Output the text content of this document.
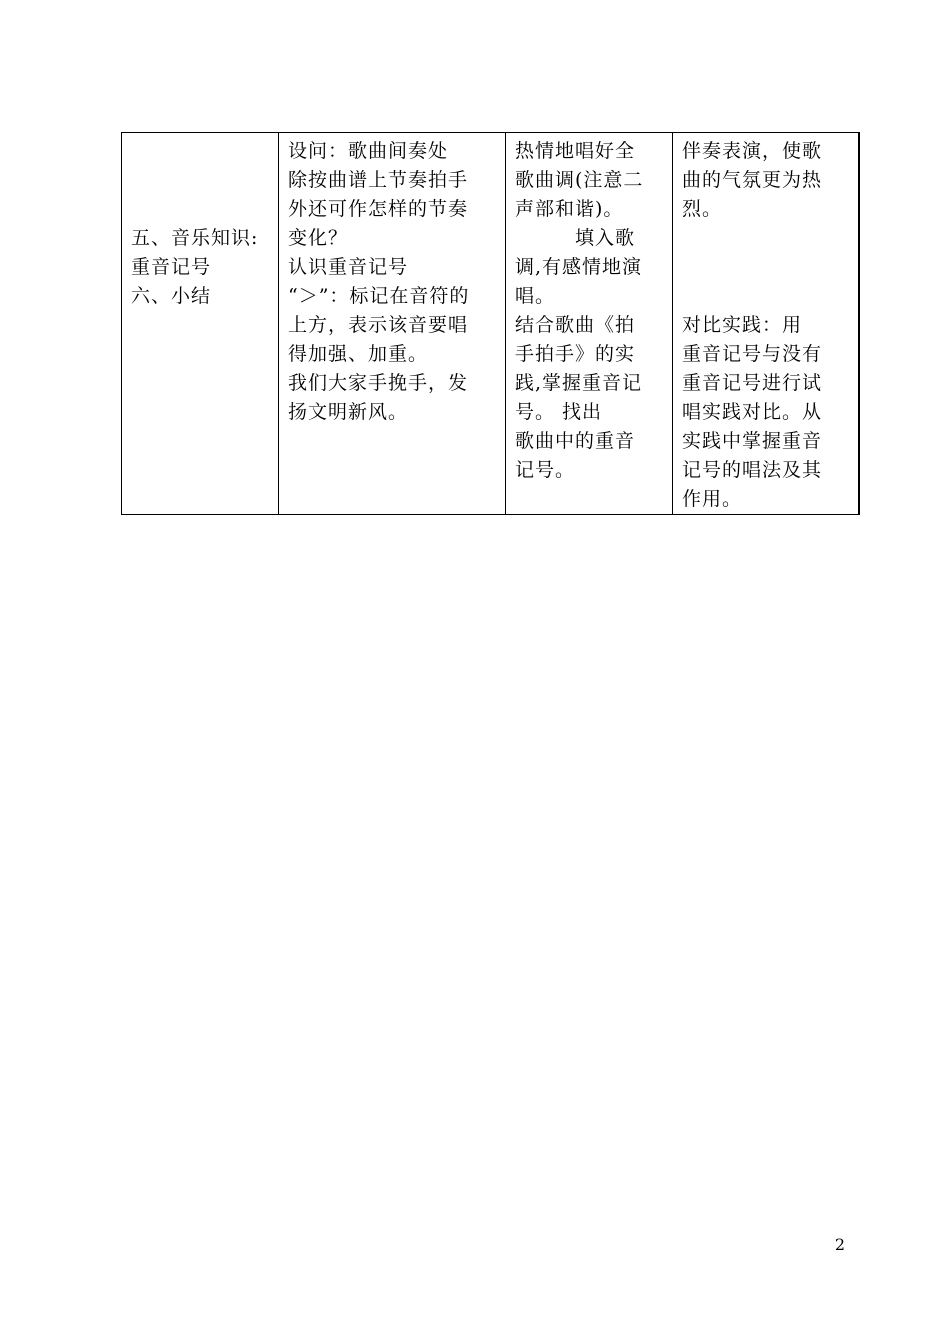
五、音乐知识:
重音记号
六、小结

设问：歌曲间奏处
除按曲谱上节奏拍手
外还可作怎样的节奏
变化？
认识重音记号
“＞”：标记在音符的
上方，表示该音要唱
得加强、加重。
我们大家手挽手，发
扬文明新风。

热情地唱好全
歌曲调(注意二
声部和谐)。
填入歌
调,有感情地演
唱。
结合歌曲《拍
手拍手》的实
践,掌握重音记
号。 找出
歌曲中的重音
记号。

伴奏表演，使歌
曲的气氛更为热
烈。
对比实践：用
重音记号与没有
重音记号进行试
唱实践对比。从
实践中掌握重音
记号的唱法及其
作用。
2
